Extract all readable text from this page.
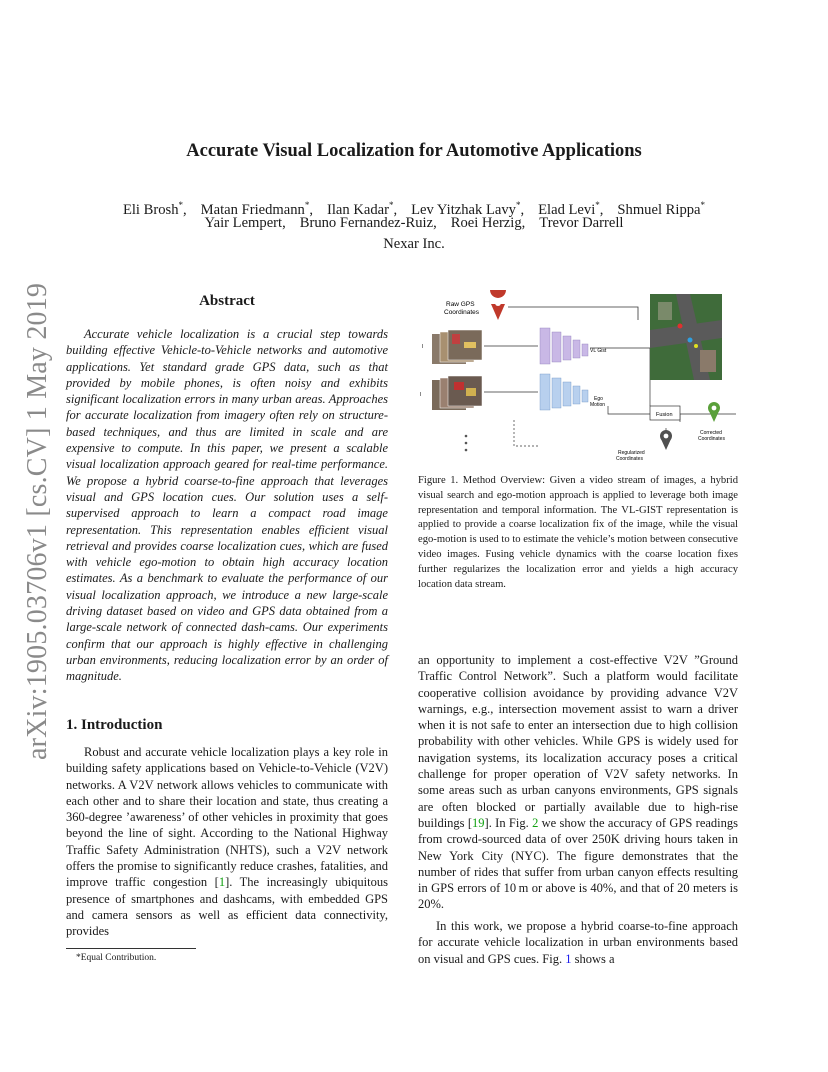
Accurate Visual Localization for Automotive Applications
Eli Brosh*, Matan Friedmann*, Ilan Kadar*, Lev Yitzhak Lavy*, Elad Levi*, Shmuel Rippa*
Yair Lempert, Bruno Fernandez-Ruiz, Roei Herzig, Trevor Darrell
Nexar Inc.
arXiv:1905.03706v1 [cs.CV] 1 May 2019	Abstract

Accurate vehicle localization is a crucial step towards building effective Vehicle-to-Vehicle networks and automotive applications. Yet standard grade GPS data, such as that provided by mobile phones, is often noisy and exhibits significant localization errors in many urban areas. Approaches for accurate localization from imagery often rely on structure-based techniques, and thus are limited in scale and are expensive to compute. In this paper, we present a scalable visual localization approach geared for real-time performance. We propose a hybrid coarse-to-fine approach that leverages visual and GPS location cues. Our solution uses a self-supervised approach to learn a compact road image representation. This representation enables efficient visual retrieval and provides coarse localization cues, which are fused with vehicle ego-motion to obtain high accuracy location estimates. As a benchmark to evaluate the performance of our visual localization approach, we introduce a new large-scale driving dataset based on video and GPS data obtained from a large-scale network of connected dash-cams. Our experiments confirm that our approach is highly effective in challenging urban environments, reducing localization error by an order of magnitude.

1. Introduction

Robust and accurate vehicle localization plays a key role in building safety applications based on Vehicle-to-Vehicle (V2V) networks. A V2V network allows vehicles to communicate with each other and to share their location and state, thus creating a 360-degree ’awareness’ of other vehicles in proximity that goes beyond the line of sight. According to the National Highway Traffic Safety Administration (NHTS), such a V2V network offers the promise to significantly reduce crashes, fatalities, and improve traffic congestion [1]. The increasingly ubiquitous presence of smartphones and dashcams, with embedded GPS and camera sensors as well as efficient data connectivity, provides

Raw GPS Coordinates
I
I
VL Gist
Ego Motion
Fusion
Corrected Coordinates
Regularized Coordinates
Figure 1. Method Overview: Given a video stream of images, a hybrid visual search and ego-motion approach is applied to leverage both image representation and temporal information. The VL-GIST representation is applied to provide a coarse localization fix of the image, while the visual ego-motion is used to to estimate the vehicle’s motion between consecutive video images. Fusing vehicle dynamics with the coarse location fixes further regularizes the localization error and yields a high accuracy location data stream.

an opportunity to implement a cost-effective V2V ”Ground Traffic Control Network”. Such a platform would facilitate cooperative collision avoidance by providing advance V2V warnings, e.g., intersection movement assist to warn a driver when it is not safe to enter an intersection due to high collision probability with other vehicles. While GPS is widely used for navigation systems, its localization accuracy poses a critical challenge for proper operation of V2V safety networks. In some areas such as urban canyons environments, GPS signals are often blocked or partially available due to high-rise buildings [19]. In Fig. 2 we show the accuracy of GPS readings from crowd-sourced data of over 250K driving hours taken in New York City (NYC). The figure demonstrates that the number of rides that suffer from urban canyon effects resulting in GPS errors of 10 m or above is 40%, and that of 20 meters is 20%.

In this work, we propose a hybrid coarse-to-fine approach for accurate vehicle localization in urban environments based on visual and GPS cues. Fig. 1 shows a

*Equal Contribution.
